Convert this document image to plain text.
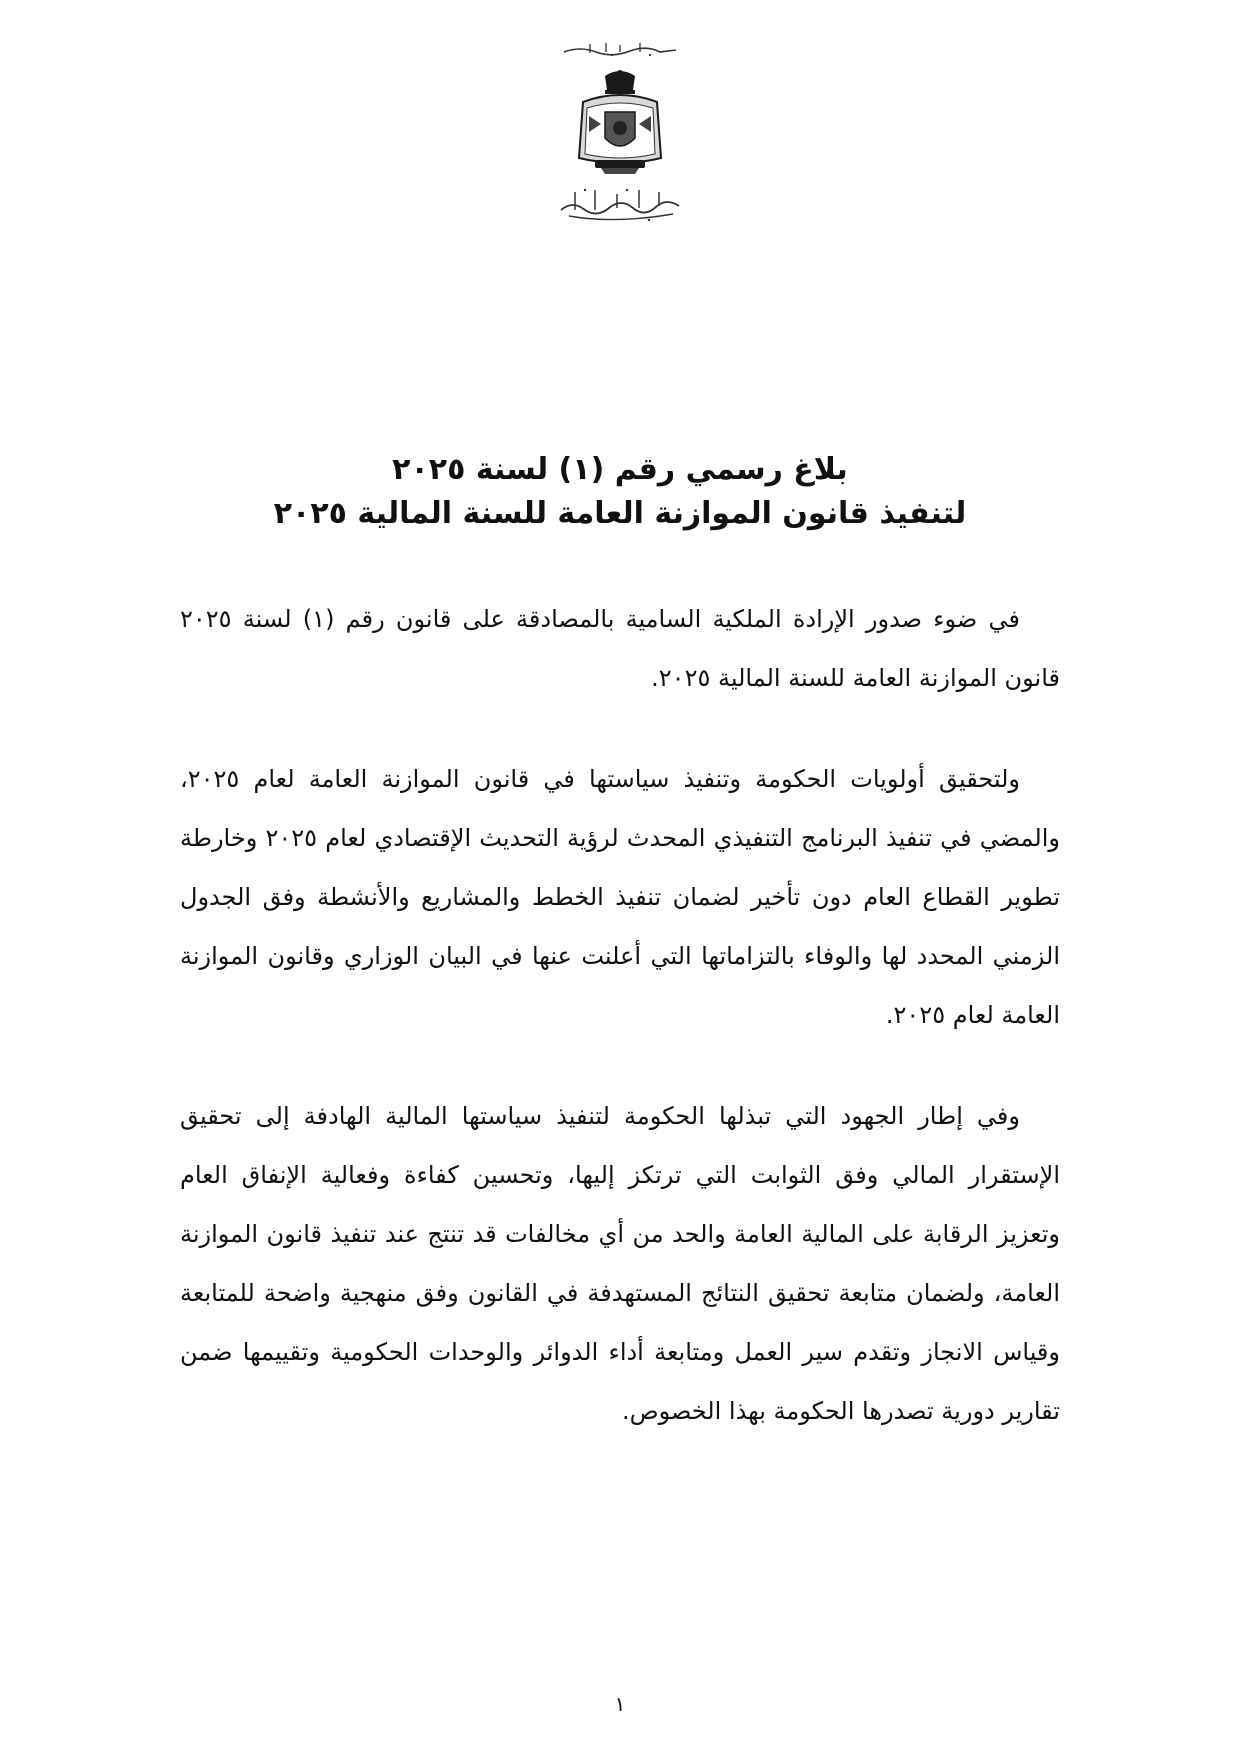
بلاغ رسمي رقم (١) لسنة ٢٠٢٥

لتنفيذ قانون الموازنة العامة للسنة المالية ٢٠٢٥

في ضوء صدور الإرادة الملكية السامية بالمصادقة على قانون رقم (١) لسنة ٢٠٢٥ قانون الموازنة العامة للسنة المالية ٢٠٢٥.

ولتحقيق أولويات الحكومة وتنفيذ سياستها في قانون الموازنة العامة لعام ٢٠٢٥، والمضي في تنفيذ البرنامج التنفيذي المحدث لرؤية التحديث الإقتصادي لعام ٢٠٢٥ وخارطة تطوير القطاع العام دون تأخير لضمان تنفيذ الخطط والمشاريع والأنشطة وفق الجدول الزمني المحدد لها والوفاء بالتزاماتها التي أعلنت عنها في البيان الوزاري وقانون الموازنة العامة لعام ٢٠٢٥.

وفي إطار الجهود التي تبذلها الحكومة لتنفيذ سياستها المالية الهادفة إلى تحقيق الإستقرار المالي وفق الثوابت التي ترتكز إليها، وتحسين كفاءة وفعالية الإنفاق العام وتعزيز الرقابة على المالية العامة والحد من أي مخالفات قد تنتج عند تنفيذ قانون الموازنة العامة، ولضمان متابعة تحقيق النتائج المستهدفة في القانون وفق منهجية واضحة للمتابعة وقياس الانجاز وتقدم سير العمل ومتابعة أداء الدوائر والوحدات الحكومية وتقييمها ضمن تقارير دورية تصدرها الحكومة بهذا الخصوص.

١
